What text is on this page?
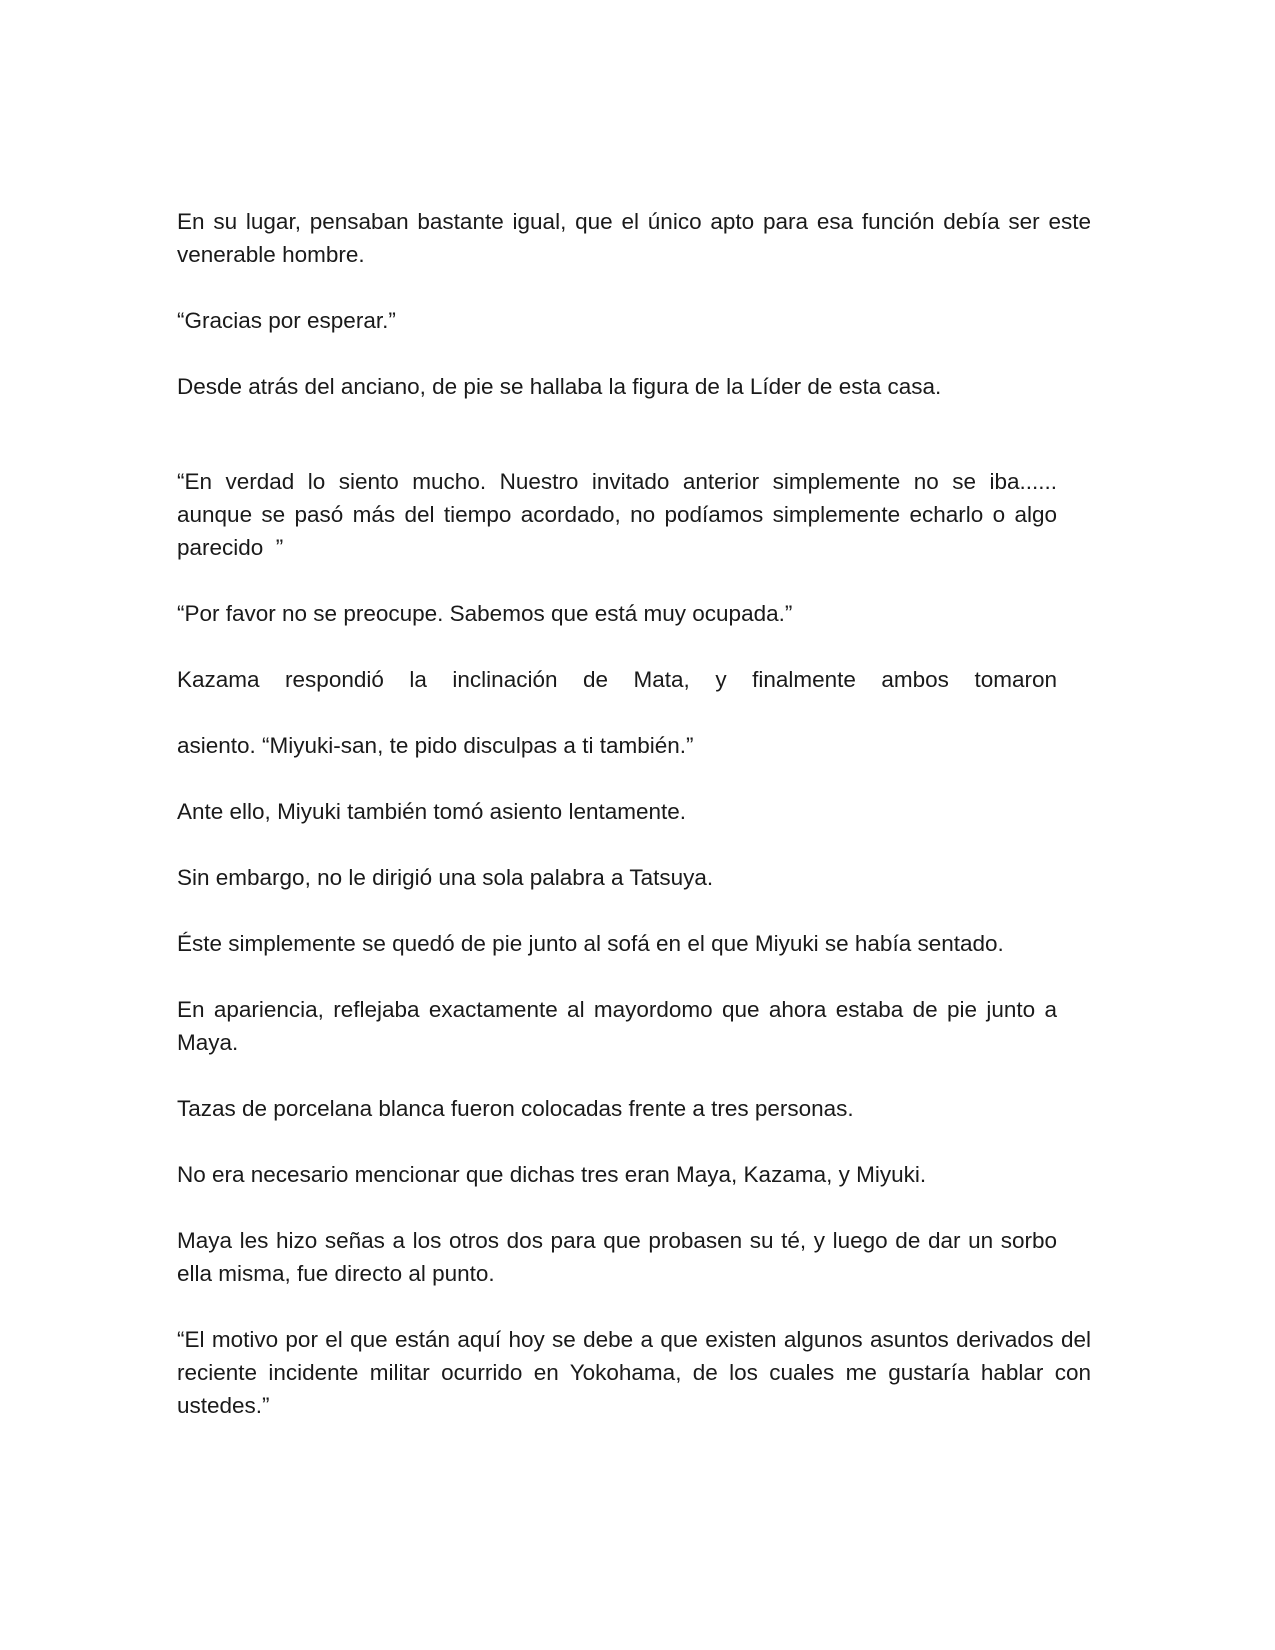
En su lugar, pensaban bastante igual, que el único apto para esa función debía ser este venerable hombre.

“Gracias por esperar.”

Desde atrás del anciano, de pie se hallaba la figura de la Líder de esta casa.

“En verdad lo siento mucho. Nuestro invitado anterior simplemente no se iba...... aunque se pasó más del tiempo acordado, no podíamos simplemente echarlo o algo parecido  ”

“Por favor no se preocupe. Sabemos que está muy ocupada.”

Kazama respondió la inclinación de Mata, y finalmente ambos tomaron

asiento. “Miyuki-san, te pido disculpas a ti también.”

Ante ello, Miyuki también tomó asiento lentamente.

Sin embargo, no le dirigió una sola palabra a Tatsuya.

Éste simplemente se quedó de pie junto al sofá en el que Miyuki se había sentado.

En apariencia, reflejaba exactamente al mayordomo que ahora estaba de pie junto a Maya.

Tazas de porcelana blanca fueron colocadas frente a tres personas.

No era necesario mencionar que dichas tres eran Maya, Kazama, y Miyuki.

Maya les hizo señas a los otros dos para que probasen su té, y luego de dar un sorbo ella misma, fue directo al punto.

“El motivo por el que están aquí hoy se debe a que existen algunos asuntos derivados del reciente incidente militar ocurrido en Yokohama, de los cuales me gustaría hablar con ustedes.”
